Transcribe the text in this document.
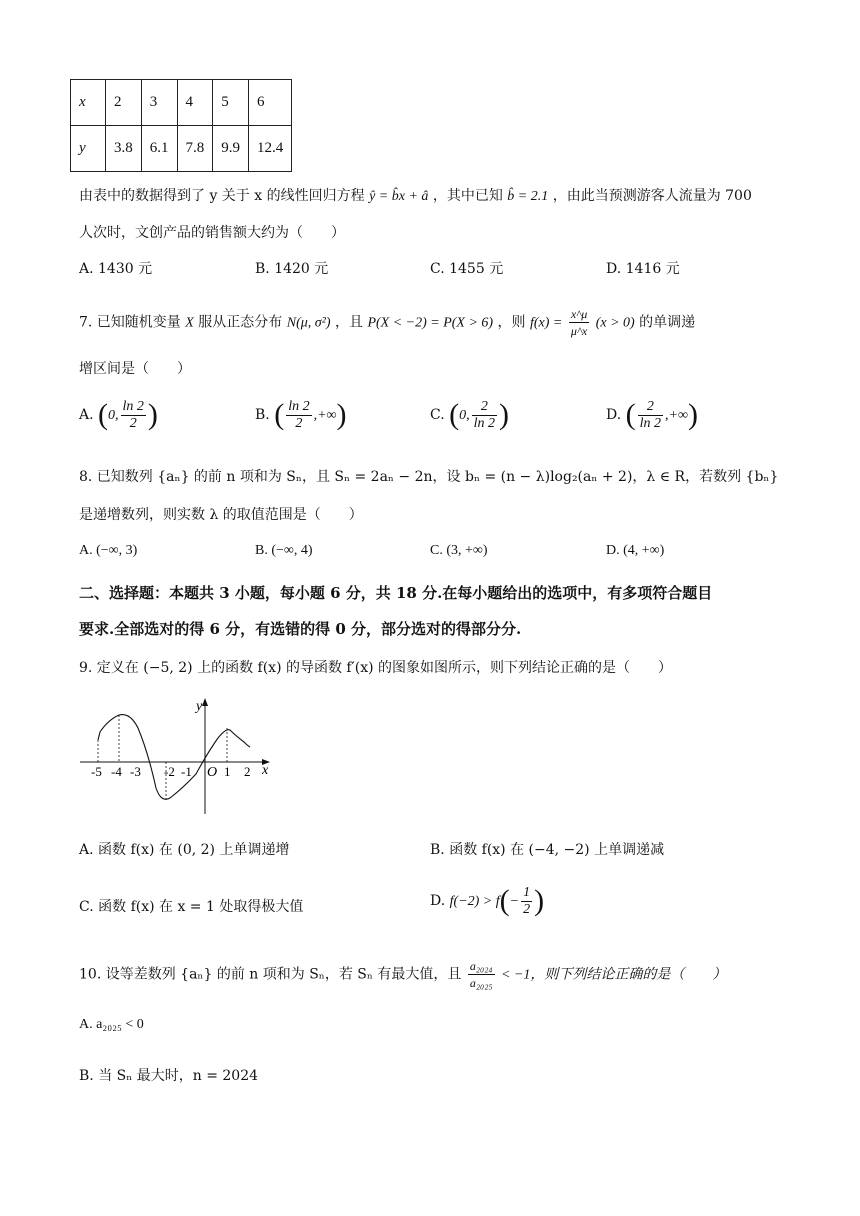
x	2	3	4	5	6
y	3.8	6.1	7.8	9.9	12.4
由表中的数据得到了 y 关于 x 的线性回归方程 ŷ = b̂x + â ，其中已知 b̂ = 2.1 ，由此当预测游客人流量为 700
人次时，文创产品的销售额大约为（　　）
A. 1430 元	B. 1420 元	C. 1455 元	D. 1416 元
7. 已知随机变量 X 服从正态分布 N(μ, σ²) ，且 P(X < −2) = P(X > 6) ，则 $f(x) = \frac{x\^{}\mu}{\mu\^{}x} (x > 0)$ 的单调递
增区间是（　　）
A. (0, $\frac{\ln 2}{2}$ )	B. ( $\frac{\ln 2}{2}$ ,+∞)	C. (0, $\frac{2}{\ln 2}$ )	D. ( $\frac{2}{\ln 2}$ ,+∞)
8. 已知数列 {aₙ} 的前 n 项和为 Sₙ，且 Sₙ = 2aₙ − 2n，设 bₙ = (n − λ)log₂(aₙ + 2)，λ ∈ R，若数列 {bₙ}
是递增数列，则实数 λ 的取值范围是（　　）
A. (−∞, 3)	B. (−∞, 4)	C. (3, +∞)	D. (4, +∞)
二、选择题：本题共 3 小题，每小题 6 分，共 18 分.在每小题给出的选项中，有多项符合题目
要求.全部选对的得 6 分，有选错的得 0 分，部分选对的得部分分.
9. 定义在 (−5, 2) 上的函数 f(x) 的导函数 f′(x) 的图象如图所示，则下列结论正确的是（　　）
y
x
O
-5 -4 -3 -2 -1 1 2
A. 函数 f(x) 在 (0, 2) 上单调递增	B. 函数 f(x) 在 (−4, −2) 上单调递减
C. 函数 f(x) 在 x = 1 处取得极大值	D. $f(-2) > f(- \frac{1}{2}$ )
10. 设等差数列 {aₙ} 的前 n 项和为 Sₙ，若 Sₙ 有最大值，且 $\frac{\text{a₂₀₂₄}}{\text{a₂₀₂₅}} < -1$，则下列结论正确的是（　　）
A. a₂₀₂₅ < 0
B. 当 Sₙ 最大时，n = 2024
